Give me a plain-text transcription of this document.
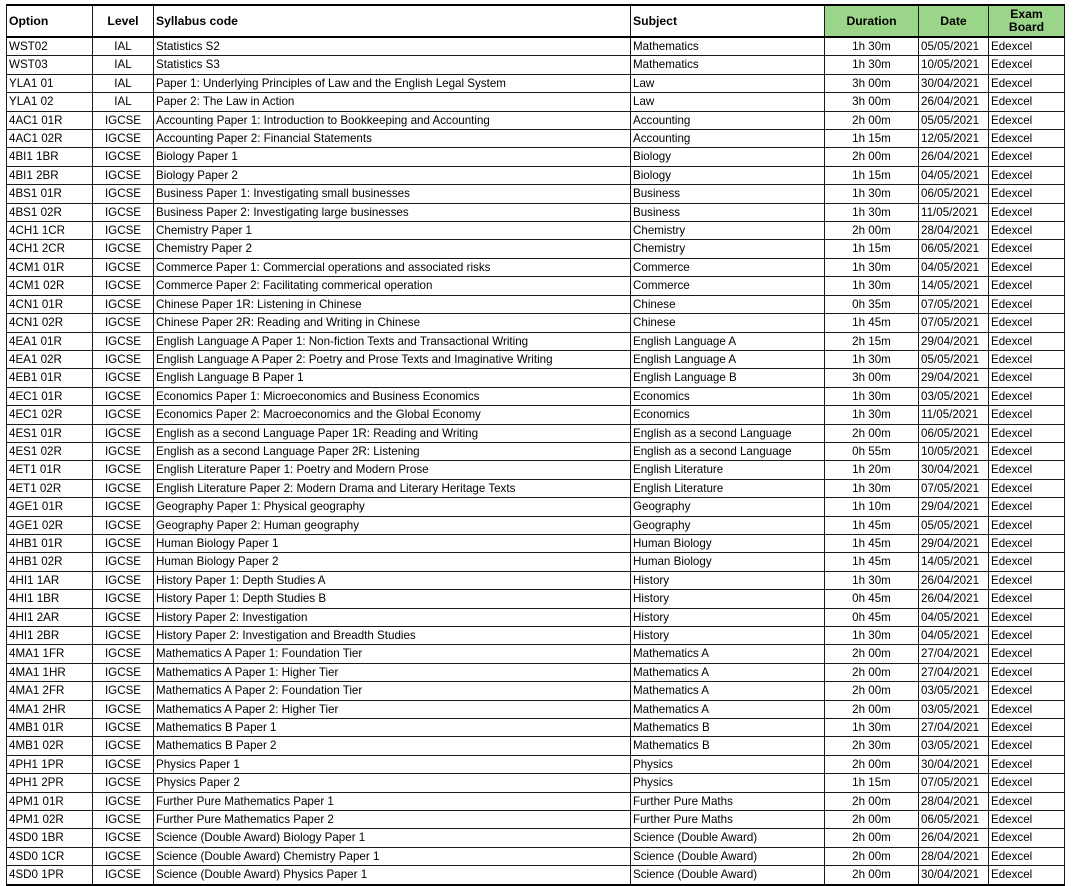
Option	Level	Syllabus code	Subject	Duration	Date	Exam Board
WST02	IAL	Statistics S2	Mathematics	1h 30m	05/05/2021	Edexcel
WST03	IAL	Statistics S3	Mathematics	1h 30m	10/05/2021	Edexcel
YLA1 01	IAL	Paper 1: Underlying Principles of Law and the English Legal System	Law	3h 00m	30/04/2021	Edexcel
YLA1 02	IAL	Paper 2: The Law in Action	Law	3h 00m	26/04/2021	Edexcel
4AC1 01R	IGCSE	Accounting Paper 1: Introduction to Bookkeeping and Accounting	Accounting	2h 00m	05/05/2021	Edexcel
4AC1 02R	IGCSE	Accounting Paper 2: Financial Statements	Accounting	1h 15m	12/05/2021	Edexcel
4BI1 1BR	IGCSE	Biology Paper 1	Biology	2h 00m	26/04/2021	Edexcel
4BI1 2BR	IGCSE	Biology Paper 2	Biology	1h 15m	04/05/2021	Edexcel
4BS1 01R	IGCSE	Business Paper 1: Investigating small businesses	Business	1h 30m	06/05/2021	Edexcel
4BS1 02R	IGCSE	Business Paper 2: Investigating large businesses	Business	1h 30m	11/05/2021	Edexcel
4CH1 1CR	IGCSE	Chemistry Paper 1	Chemistry	2h 00m	28/04/2021	Edexcel
4CH1 2CR	IGCSE	Chemistry Paper 2	Chemistry	1h 15m	06/05/2021	Edexcel
4CM1 01R	IGCSE	Commerce Paper 1: Commercial operations and associated risks	Commerce	1h 30m	04/05/2021	Edexcel
4CM1 02R	IGCSE	Commerce Paper 2: Facilitating commerical operation	Commerce	1h 30m	14/05/2021	Edexcel
4CN1 01R	IGCSE	Chinese Paper 1R: Listening in Chinese	Chinese	0h 35m	07/05/2021	Edexcel
4CN1 02R	IGCSE	Chinese Paper 2R: Reading and Writing in Chinese	Chinese	1h 45m	07/05/2021	Edexcel
4EA1 01R	IGCSE	English Language A Paper 1: Non-fiction Texts and Transactional Writing	English Language A	2h 15m	29/04/2021	Edexcel
4EA1 02R	IGCSE	English Language A Paper 2: Poetry and Prose Texts and Imaginative Writing	English Language A	1h 30m	05/05/2021	Edexcel
4EB1 01R	IGCSE	English Language B Paper 1	English Language B	3h 00m	29/04/2021	Edexcel
4EC1 01R	IGCSE	Economics Paper 1: Microeconomics and Business Economics	Economics	1h 30m	03/05/2021	Edexcel
4EC1 02R	IGCSE	Economics Paper 2: Macroeconomics and the Global Economy	Economics	1h 30m	11/05/2021	Edexcel
4ES1 01R	IGCSE	English as a second Language Paper 1R: Reading and Writing	English as a second Language	2h 00m	06/05/2021	Edexcel
4ES1 02R	IGCSE	English as a second Language Paper 2R: Listening	English as a second Language	0h 55m	10/05/2021	Edexcel
4ET1 01R	IGCSE	English Literature Paper 1: Poetry and Modern Prose	English Literature	1h 20m	30/04/2021	Edexcel
4ET1 02R	IGCSE	English Literature Paper 2: Modern Drama and Literary Heritage Texts	English Literature	1h 30m	07/05/2021	Edexcel
4GE1 01R	IGCSE	Geography Paper 1: Physical geography	Geography	1h 10m	29/04/2021	Edexcel
4GE1 02R	IGCSE	Geography Paper 2: Human geography	Geography	1h 45m	05/05/2021	Edexcel
4HB1 01R	IGCSE	Human Biology Paper 1	Human Biology	1h 45m	29/04/2021	Edexcel
4HB1 02R	IGCSE	Human Biology Paper 2	Human Biology	1h 45m	14/05/2021	Edexcel
4HI1 1AR	IGCSE	History Paper 1: Depth Studies A	History	1h 30m	26/04/2021	Edexcel
4HI1 1BR	IGCSE	History Paper 1: Depth Studies B	History	0h 45m	26/04/2021	Edexcel
4HI1 2AR	IGCSE	History Paper 2: Investigation	History	0h 45m	04/05/2021	Edexcel
4HI1 2BR	IGCSE	History Paper 2: Investigation and Breadth Studies	History	1h 30m	04/05/2021	Edexcel
4MA1 1FR	IGCSE	Mathematics A Paper 1: Foundation Tier	Mathematics A	2h 00m	27/04/2021	Edexcel
4MA1 1HR	IGCSE	Mathematics A Paper 1: Higher Tier	Mathematics A	2h 00m	27/04/2021	Edexcel
4MA1 2FR	IGCSE	Mathematics A Paper 2: Foundation Tier	Mathematics A	2h 00m	03/05/2021	Edexcel
4MA1 2HR	IGCSE	Mathematics A Paper 2: Higher Tier	Mathematics A	2h 00m	03/05/2021	Edexcel
4MB1 01R	IGCSE	Mathematics B Paper 1	Mathematics B	1h 30m	27/04/2021	Edexcel
4MB1 02R	IGCSE	Mathematics B Paper 2	Mathematics B	2h 30m	03/05/2021	Edexcel
4PH1 1PR	IGCSE	Physics Paper 1	Physics	2h 00m	30/04/2021	Edexcel
4PH1 2PR	IGCSE	Physics Paper 2	Physics	1h 15m	07/05/2021	Edexcel
4PM1 01R	IGCSE	Further Pure Mathematics Paper 1	Further Pure Maths	2h 00m	28/04/2021	Edexcel
4PM1 02R	IGCSE	Further Pure Mathematics Paper 2	Further Pure Maths	2h 00m	06/05/2021	Edexcel
4SD0 1BR	IGCSE	Science (Double Award) Biology Paper 1	Science (Double Award)	2h 00m	26/04/2021	Edexcel
4SD0 1CR	IGCSE	Science (Double Award) Chemistry Paper 1	Science (Double Award)	2h 00m	28/04/2021	Edexcel
4SD0 1PR	IGCSE	Science (Double Award) Physics Paper 1	Science (Double Award)	2h 00m	30/04/2021	Edexcel
